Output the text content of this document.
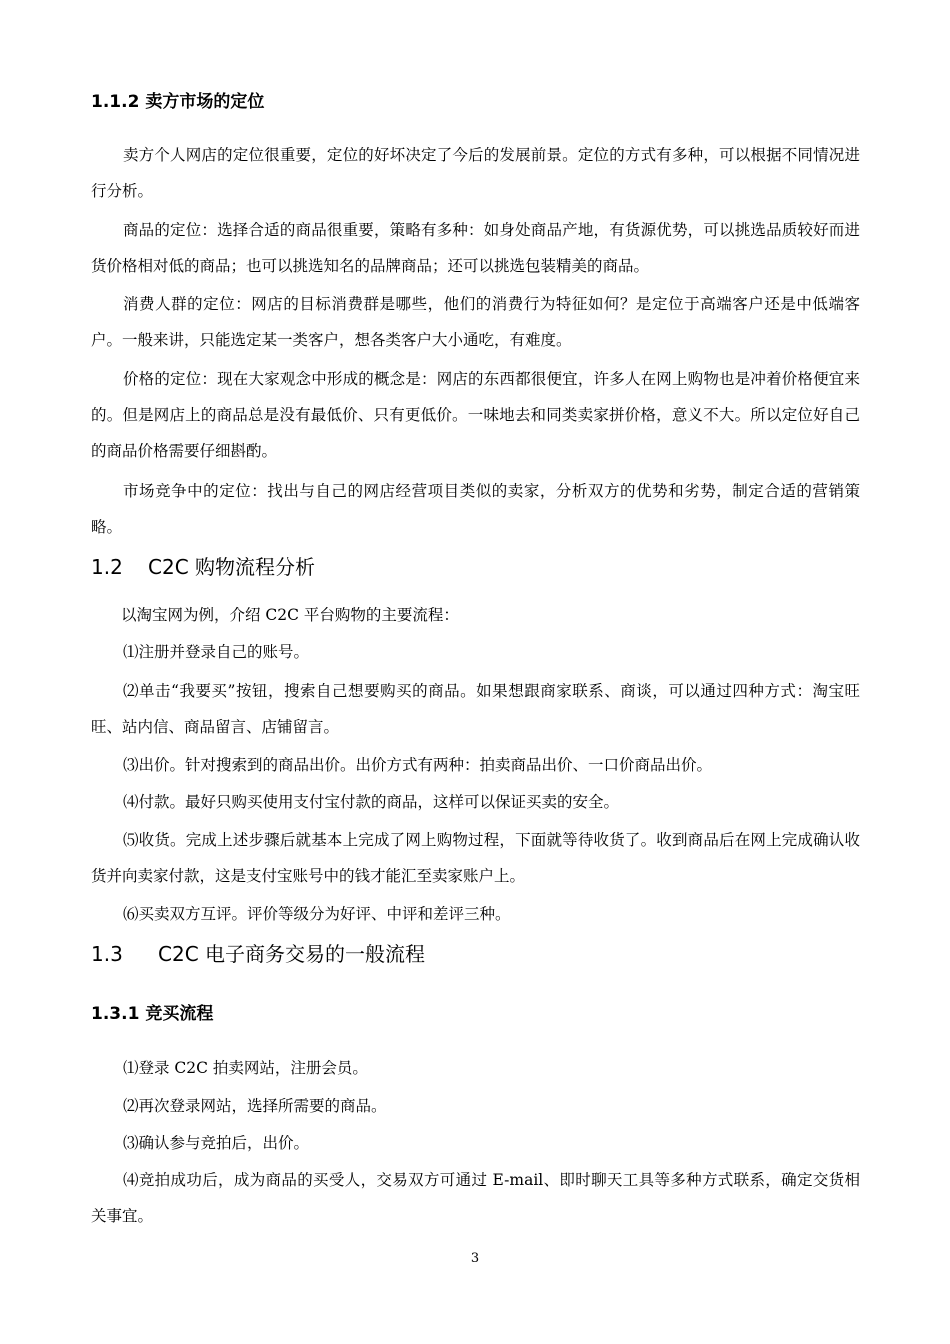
1.1.2 卖方市场的定位
卖方个人网店的定位很重要，定位的好坏决定了今后的发展前景。定位的方式有多种，可以根据不同情况进行分析。
商品的定位：选择合适的商品很重要，策略有多种：如身处商品产地，有货源优势，可以挑选品质较好而进货价格相对低的商品；也可以挑选知名的品牌商品；还可以挑选包装精美的商品。
消费人群的定位：网店的目标消费群是哪些，他们的消费行为特征如何？是定位于高端客户还是中低端客户。一般来讲，只能选定某一类客户，想各类客户大小通吃，有难度。
价格的定位：现在大家观念中形成的概念是：网店的东西都很便宜，许多人在网上购物也是冲着价格便宜来的。但是网店上的商品总是没有最低价、只有更低价。一味地去和同类卖家拼价格，意义不大。所以定位好自己的商品价格需要仔细斟酌。
市场竞争中的定位：找出与自己的网店经营项目类似的卖家，分析双方的优势和劣势，制定合适的营销策略。
1.2 C2C 购物流程分析
以淘宝网为例，介绍 C2C 平台购物的主要流程：
⑴注册并登录自己的账号。
⑵单击“我要买”按钮，搜索自己想要购买的商品。如果想跟商家联系、商谈，可以通过四种方式：淘宝旺旺、站内信、商品留言、店铺留言。
⑶出价。针对搜索到的商品出价。出价方式有两种：拍卖商品出价、一口价商品出价。
⑷付款。最好只购买使用支付宝付款的商品，这样可以保证买卖的安全。
⑸收货。完成上述步骤后就基本上完成了网上购物过程，下面就等待收货了。收到商品后在网上完成确认收货并向卖家付款，这是支付宝账号中的钱才能汇至卖家账户上。
⑹买卖双方互评。评价等级分为好评、中评和差评三种。
1.3 C2C 电子商务交易的一般流程
1.3.1 竞买流程
⑴登录 C2C 拍卖网站，注册会员。
⑵再次登录网站，选择所需要的商品。
⑶确认参与竞拍后，出价。
⑷竞拍成功后，成为商品的买受人，交易双方可通过 E-mail、即时聊天工具等多种方式联系，确定交货相关事宜。
3
